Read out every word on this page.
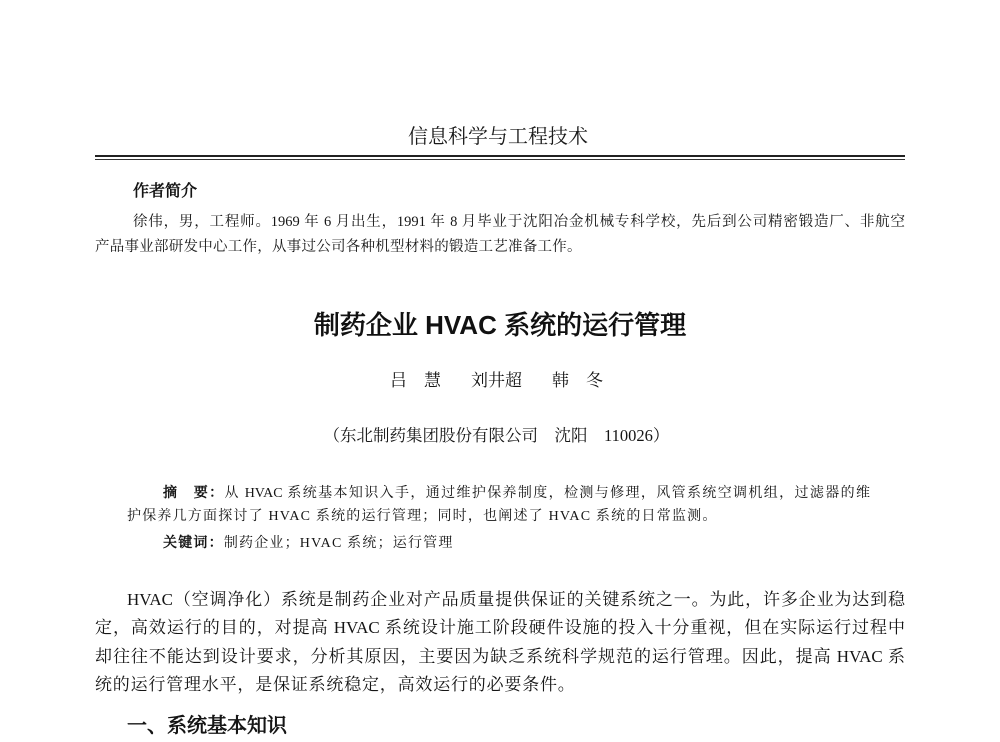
信息科学与工程技术
作者简介
徐伟，男，工程师。1969 年 6 月出生，1991 年 8 月毕业于沈阳冶金机械专科学校，先后到公司精密锻造厂、非航空
产品事业部研发中心工作，从事过公司各种机型材料的锻造工艺准备工作。
制药企业 HVAC 系统的运行管理
吕　慧 刘井超 韩　冬
（东北制药集团股份有限公司　沈阳　110026）
摘　要：从 HVAC 系统基本知识入手，通过维护保养制度，检测与修理，风管系统空调机组，过滤器的维
护保养几方面探讨了 HVAC 系统的运行管理；同时，也阐述了 HVAC 系统的日常监测。
关键词：制药企业；HVAC 系统；运行管理
HVAC（空调净化）系统是制药企业对产品质量提供保证的关键系统之一。为此，许多企业为达到稳
定，高效运行的目的，对提高 HVAC 系统设计施工阶段硬件设施的投入十分重视，但在实际运行过程中
却往往不能达到设计要求，分析其原因，主要因为缺乏系统科学规范的运行管理。因此，提高 HVAC 系
统的运行管理水平，是保证系统稳定，高效运行的必要条件。
一、系统基本知识
